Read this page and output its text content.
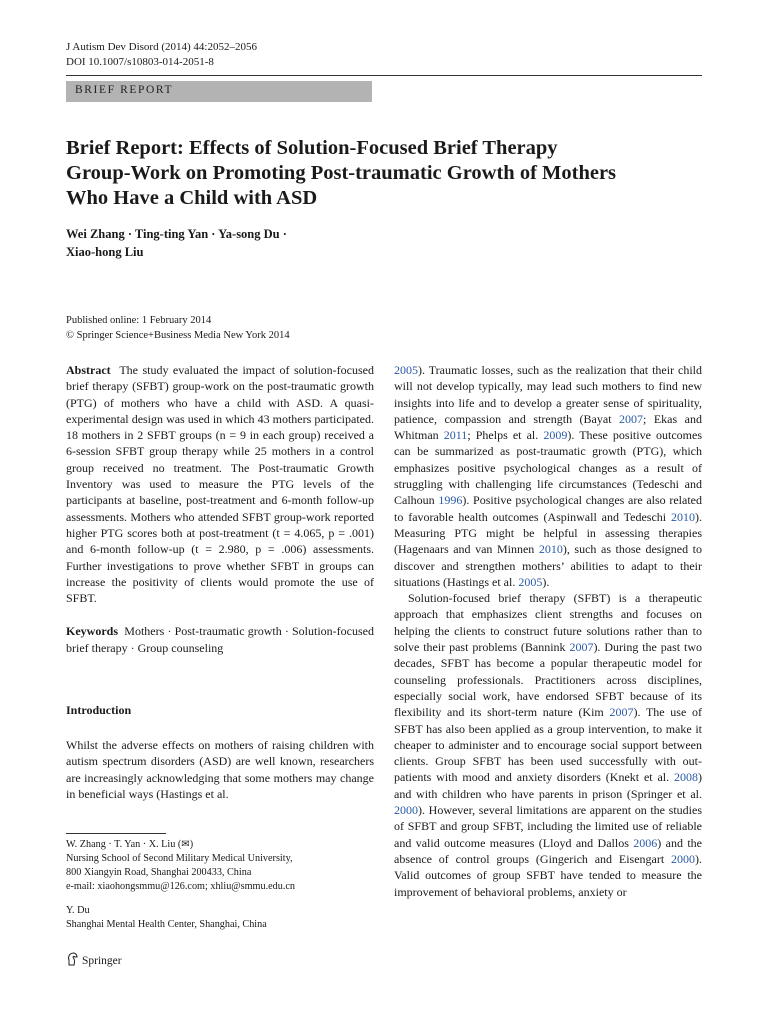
J Autism Dev Disord (2014) 44:2052–2056
DOI 10.1007/s10803-014-2051-8
BRIEF REPORT
Brief Report: Effects of Solution-Focused Brief Therapy
Group-Work on Promoting Post-traumatic Growth of Mothers
Who Have a Child with ASD
Wei Zhang · Ting-ting Yan · Ya-song Du ·
Xiao-hong Liu
Published online: 1 February 2014
© Springer Science+Business Media New York 2014

Abstract The study evaluated the impact of solution-focused brief therapy (SFBT) group-work on the post-traumatic growth (PTG) of mothers who have a child with ASD. A quasi-experimental design was used in which 43 mothers participated. 18 mothers in 2 SFBT groups (n = 9 in each group) received a 6-session SFBT group therapy while 25 mothers in a control group received no treatment. The Post-traumatic Growth Inventory was used to measure the PTG levels of the participants at baseline, post-treatment and 6-month follow-up assessments. Mothers who attended SFBT group-work reported higher PTG scores both at post-treatment (t = 4.065, p = .001) and 6-month follow-up (t = 2.980, p = .006) assessments. Further investigations to prove whether SFBT in groups can increase the positivity of clients would promote the use of SFBT.

Keywords Mothers · Post-traumatic growth · Solution-focused brief therapy · Group counseling

Introduction

Whilst the adverse effects on mothers of raising children with autism spectrum disorders (ASD) are well known, researchers are increasingly acknowledging that some mothers may change in beneficial ways (Hastings et al.

2005). Traumatic losses, such as the realization that their child will not develop typically, may lead such mothers to find new insights into life and to develop a greater sense of spirituality, patience, compassion and strength (Bayat 2007; Ekas and Whitman 2011; Phelps et al. 2009). These positive outcomes can be summarized as post-traumatic growth (PTG), which emphasizes positive psychological changes as a result of struggling with challenging life circumstances (Tedeschi and Calhoun 1996). Positive psychological changes are also related to favorable health outcomes (Aspinwall and Tedeschi 2010). Measuring PTG might be helpful in assessing therapies (Hagenaars and van Minnen 2010), such as those designed to discover and strengthen mothers’ abilities to adapt to their situations (Hastings et al. 2005).

Solution-focused brief therapy (SFBT) is a therapeutic approach that emphasizes client strengths and focuses on helping the clients to construct future solutions rather than to solve their past problems (Bannink 2007). During the past two decades, SFBT has become a popular therapeutic model for counseling professionals. Practitioners across disciplines, especially social work, have endorsed SFBT because of its flexibility and its short-term nature (Kim 2007). The use of SFBT has also been applied as a group intervention, to make it cheaper to administer and to encourage social support between clients. Group SFBT has been used successfully with out-patients with mood and anxiety disorders (Knekt et al. 2008) and with children who have parents in prison (Springer et al. 2000). However, several limitations are apparent on the studies of SFBT and group SFBT, including the limited use of reliable and valid outcome measures (Lloyd and Dallos 2006) and the absence of control groups (Gingerich and Eisengart 2000). Valid outcomes of group SFBT have tended to measure the improvement of behavioral problems, anxiety or

W. Zhang · T. Yan · X. Liu (✉)

Nursing School of Second Military Medical University,

800 Xiangyin Road, Shanghai 200433, China

e-mail: xiaohongsmmu@126.com; xhliu@smmu.edu.cn

Y. Du

Shanghai Mental Health Center, Shanghai, China

Springer
